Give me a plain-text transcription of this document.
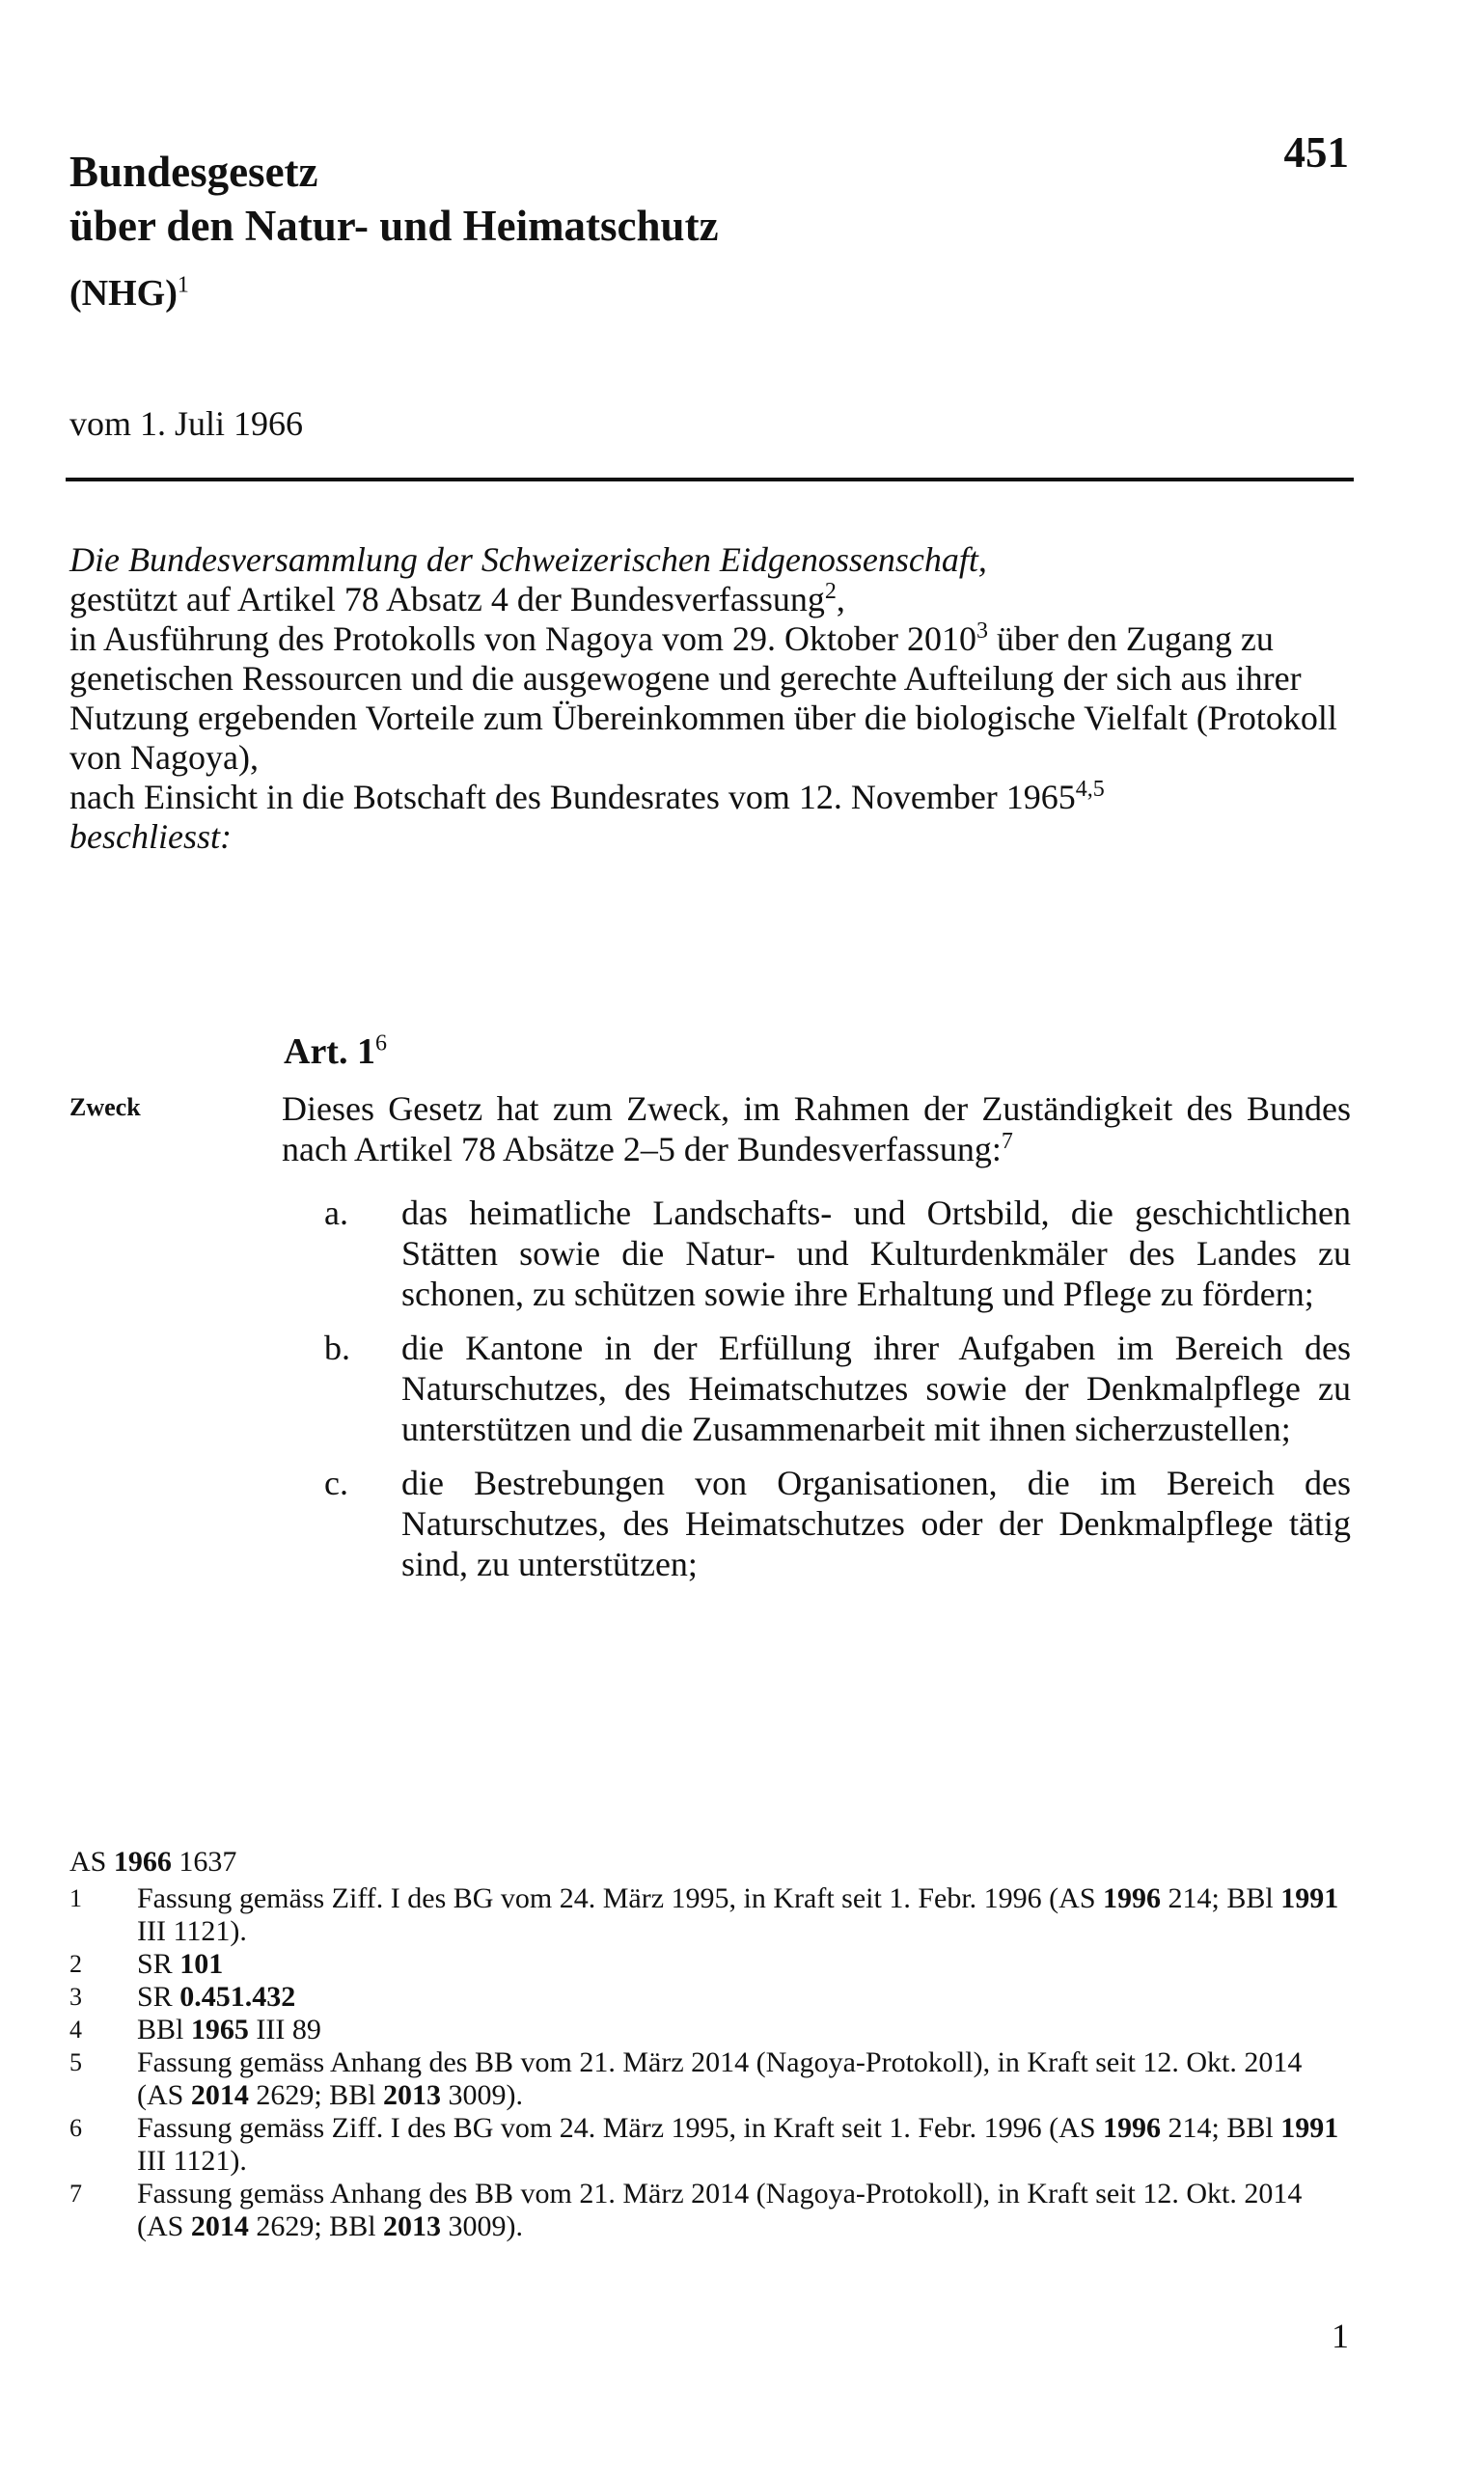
Bundesgesetz
über den Natur- und Heimatschutz
(NHG)$^1$
451
vom 1. Juli 1966

Die Bundesversammlung der Schweizerischen Eidgenossenschaft,

gestützt auf Artikel 78 Absatz 4 der Bundesverfassung$^2$,

in Ausführung des Protokolls von Nagoya vom 29. Oktober 2010$^3$ über den Zugang zu genetischen Ressourcen und die ausgewogene und gerechte Aufteilung der sich aus ihrer Nutzung ergebenden Vorteile zum Übereinkommen über die biologische Vielfalt (Protokoll von Nagoya),

nach Einsicht in die Botschaft des Bundesrates vom 12. November 1965$^{4,5}$

beschliesst:

Art. $1^6$
Zweck	Dieses Gesetz hat zum Zweck, im Rahmen der Zuständigkeit des Bundes nach Artikel 78 Absätze 2–5 der Bundesverfassung:$^7$
a.	das heimatliche Landschafts- und Ortsbild, die geschichtlichen Stätten sowie die Natur- und Kulturdenkmäler des Landes zu schonen, zu schützen sowie ihre Erhaltung und Pflege zu fördern;
b.	die Kantone in der Erfüllung ihrer Aufgaben im Bereich des Naturschutzes, des Heimatschutzes sowie der Denkmalpflege zu unterstützen und die Zusammenarbeit mit ihnen sicherzustellen;
c.	die Bestrebungen von Organisationen, die im Bereich des Naturschutzes, des Heimatschutzes oder der Denkmalpflege tätig sind, zu unterstützen;
AS 1966 1637
1	Fassung gemäss Ziff. I des BG vom 24. März 1995, in Kraft seit 1. Febr. 1996 (AS 1996 214; BBl 1991 III 1121).
2	SR 101
3	SR 0.451.432
4	BBl 1965 III 89
5	Fassung gemäss Anhang des BB vom 21. März 2014 (Nagoya-Protokoll), in Kraft seit 12. Okt. 2014 (AS 2014 2629; BBl 2013 3009).
6	Fassung gemäss Ziff. I des BG vom 24. März 1995, in Kraft seit 1. Febr. 1996 (AS 1996 214; BBl 1991 III 1121).
7	Fassung gemäss Anhang des BB vom 21. März 2014 (Nagoya-Protokoll), in Kraft seit 12. Okt. 2014 (AS 2014 2629; BBl 2013 3009).
1
